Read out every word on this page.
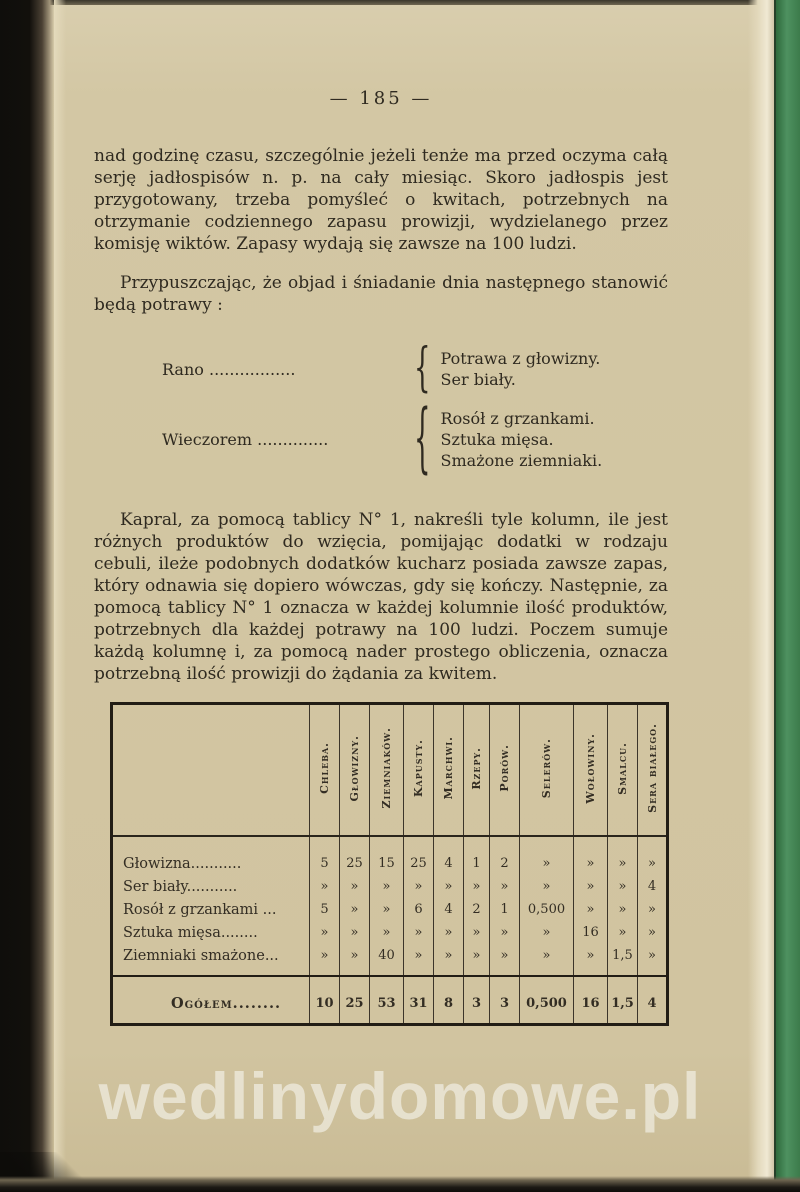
— 185 —

nad godzinę czasu, szczególnie jeżeli tenże ma przed oczyma całą serję jadłospisów n. p. na cały miesiąc. Skoro jadłospis jest przygotowany, trzeba pomyśleć o kwitach, potrzebnych na otrzymanie codziennego zapasu prowizji, wydzielanego przez komisję wiktów. Zapasy wydają się zawsze na 100 ludzi.

Przypuszczając, że objad i śniadanie dnia następnego stanowić będą potrawy :

Rano .................	{ Potrawa z głowizny.
Ser biały.
Wieczorem ..............	{ Rosół z grzankami.
Sztuka mięsa.
Smażone ziemniaki.

Kapral, za pomocą tablicy N° 1, nakreśli tyle kolumn, ile jest różnych produktów do wzięcia, pomijając dodatki w rodzaju cebuli, ileże podobnych dodatków kucharz posiada zawsze zapas, który odnawia się dopiero wówczas, gdy się kończy. Następnie, za pomocą tablicy N° 1 oznacza w każdej kolumnie ilość produktów, potrzebnych dla każdej potrawy na 100 ludzi. Poczem sumuje każdą kolumnę i, za pomocą nader prostego obliczenia, oznacza potrzebną ilość prowizji do żądania za kwitem.

	Chleba.	Głowizny.	Ziemniaków.	Kapusty.	Marchwi.	Rzepy.	Porów.	Selerów.	Wołowiny.	Smalcu.	Sera białego.
Głowizna...........	5	25	15	25	4	1	2	»	»	»	»
Ser biały...........	»	»	»	»	»	»	»	»	»	»	4
Rosół z grzankami ...	5	»	»	6	4	2	1	0,500	»	»	»
Sztuka mięsa........	»	»	»	»	»	»	»	»	16	»	»
Ziemniaki smażone...	»	»	40	»	»	»	»	»	»	1,5	»
Ogółem........	10	25	53	31	8	3	3	0,500	16	1,5	4
wedlinydomowe.pl
